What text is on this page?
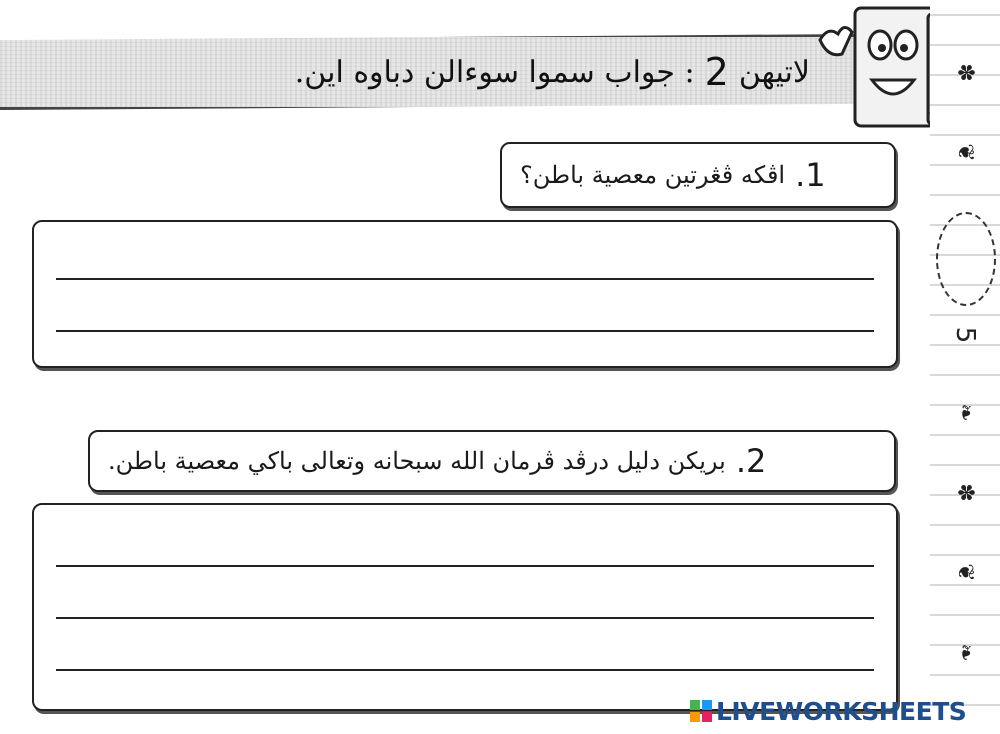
لاتيهن
2
: جواب سموا سوءالن دباوه اين.	✽
❦
5
❧
✽
❦
❧
1.
اڤكه ڤڠرتين معصية باطن؟
2.
بريكن دليل درڤد ڤرمان الله سبحانه وتعالى باکي معصية باطن.
LIVEWORKSHEETS
